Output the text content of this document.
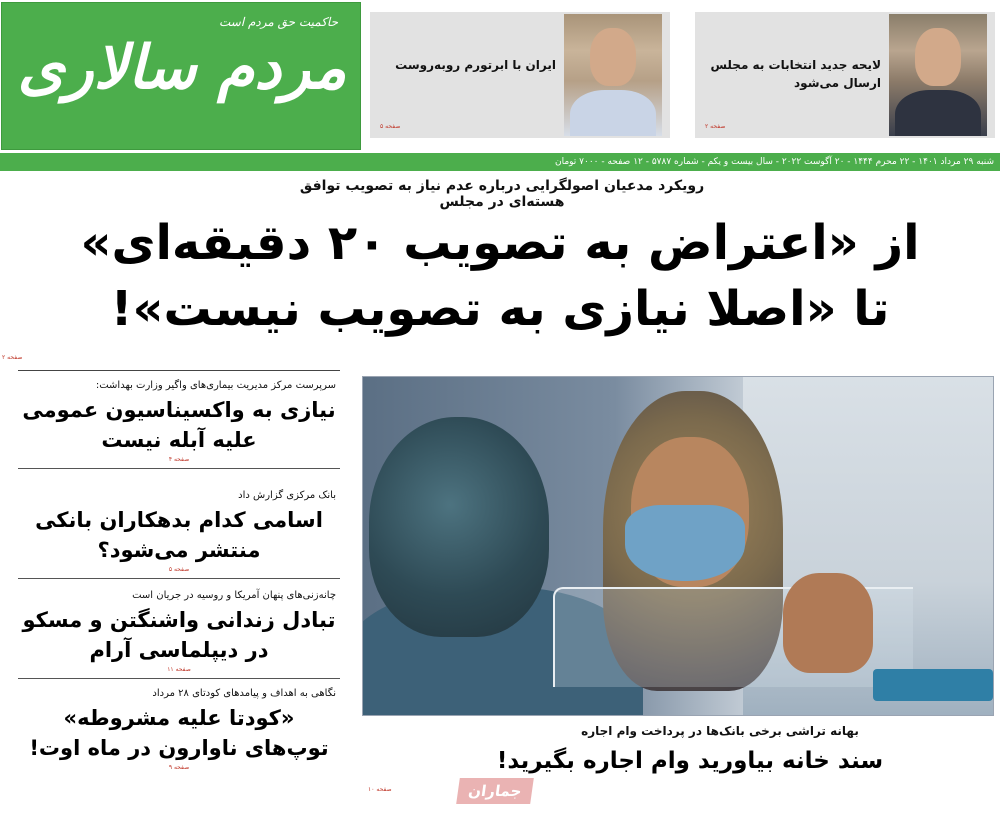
حاکمیت حق مردم است
مردم سالاری	لایحه جدید انتخابات به مجلس ارسال می‌شود
صفحه ۲
ایران با ابرتورم روبه‌روست
صفحه ۵
شنبه ۲۹ مرداد ۱۴۰۱ - ۲۲ محرم ۱۴۴۴ - ۲۰ آگوست ۲۰۲۲ - سال بیست و یکم - شماره ۵۷۸۷ - ۱۲ صفحه - ۷۰۰۰ تومان
رویکرد مدعیان اصولگرایی درباره عدم نیاز به تصویب توافق هسته‌ای در مجلس
از «اعتراض به تصویب ۲۰ دقیقه‌ای»
تا «اصلا نیازی به تصویب نیست»!
صفحه ۲
سرپرست مرکز مدیریت بیماری‌های واگیر وزارت بهداشت:
نیازی به واکسیناسیون عمومی علیه آبله نیست
صفحه ۴
بانک مرکزی گزارش داد
اسامی کدام بدهکاران بانکی منتشر می‌شود؟
صفحه ۵
چانه‌زنی‌های پنهان آمریکا و روسیه در جریان است
تبادل زندانی واشنگتن و مسکو در دیپلماسی آرام
صفحه ۱۱
نگاهی به اهداف و پیامدهای کودتای ۲۸ مرداد
«کودتا علیه مشروطه» توپ‌های ناوارون در ماه اوت!
صفحه ۹
بهانه تراشی برخی بانک‌ها در پرداخت وام اجاره
سند خانه بیاورید وام اجاره بگیرید!
صفحه ۱۰	جماران
